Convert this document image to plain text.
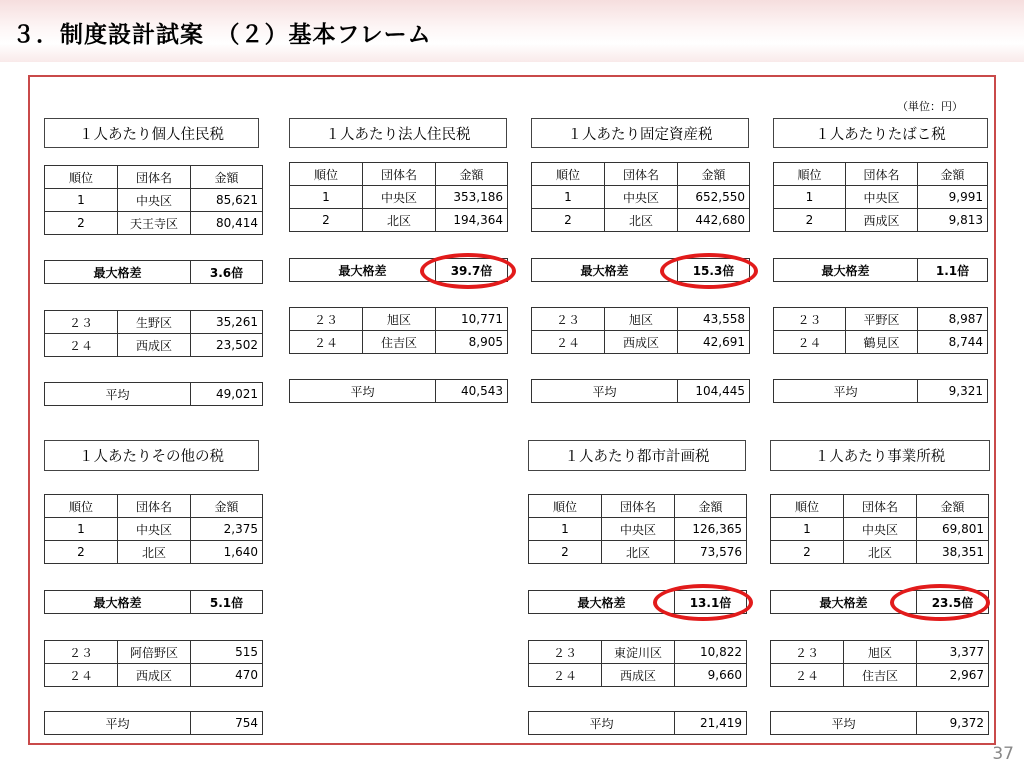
３．制度設計試案　（２）基本フレーム
（単位：円）
１人あたり個人住民税
順位	団体名	金額
1	中央区	85,621
2	天王寺区	80,414
最大格差	3.6倍
２３	生野区	35,261
２４	西成区	23,502
平均	49,021
１人あたり法人住民税
順位	団体名	金額
1	中央区	353,186
2	北区	194,364
最大格差	39.7倍
２３	旭区	10,771
２４	住吉区	8,905
平均	40,543
１人あたり固定資産税
順位	団体名	金額
1	中央区	652,550
2	北区	442,680
最大格差	15.3倍
２３	旭区	43,558
２４	西成区	42,691
平均	104,445
１人あたりたばこ税
順位	団体名	金額
1	中央区	9,991
2	西成区	9,813
最大格差	1.1倍
２３	平野区	8,987
２４	鶴見区	8,744
平均	9,321
１人あたりその他の税
順位	団体名	金額
1	中央区	2,375
2	北区	1,640
最大格差	5.1倍
２３	阿倍野区	515
２４	西成区	470
平均	754
１人あたり都市計画税
順位	団体名	金額
1	中央区	126,365
2	北区	73,576
最大格差	13.1倍
２３	東淀川区	10,822
２４	西成区	9,660
平均	21,419
１人あたり事業所税
順位	団体名	金額
1	中央区	69,801
2	北区	38,351
最大格差	23.5倍
２３	旭区	3,377
２４	住吉区	2,967
平均	9,372
37
